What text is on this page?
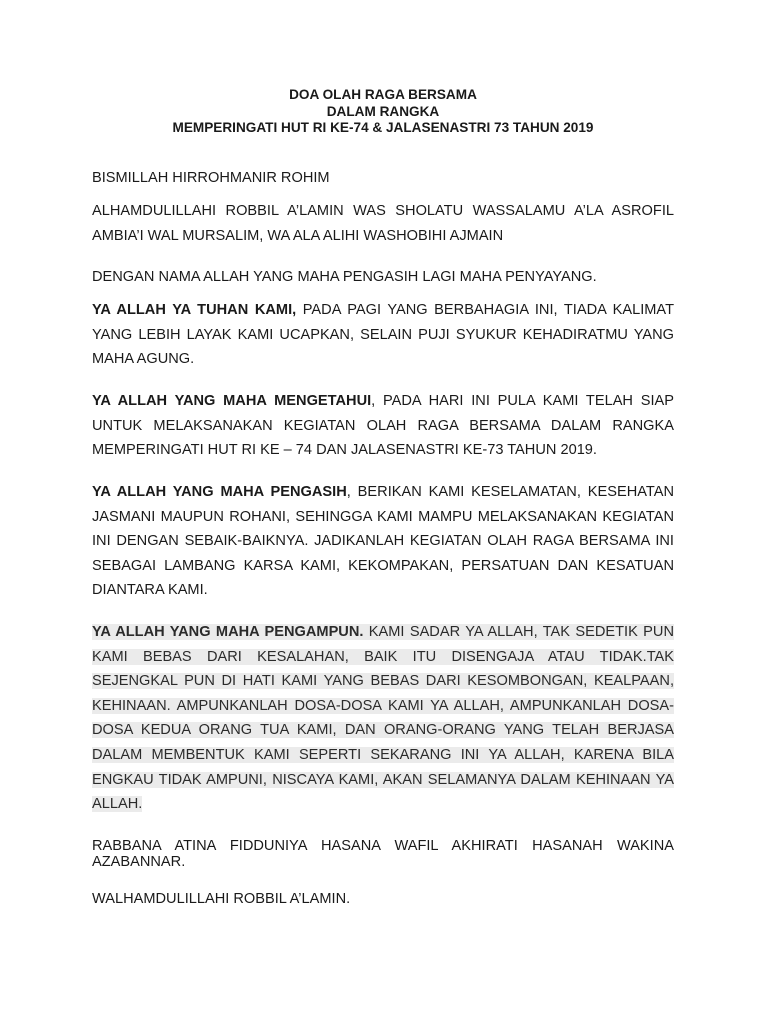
DOA OLAH RAGA BERSAMA
DALAM RANGKA
MEMPERINGATI HUT RI KE-74 & JALASENASTRI 73 TAHUN 2019

BISMILLAH HIRROHMANIR ROHIM

ALHAMDULILLAHI ROBBIL A’LAMIN WAS SHOLATU WASSALAMU A’LA ASROFIL AMBIA’I WAL MURSALIM, WA ALA ALIHI WASHOBIHI AJMAIN

DENGAN NAMA ALLAH YANG MAHA PENGASIH LAGI MAHA PENYAYANG.

YA ALLAH YA TUHAN KAMI, PADA PAGI YANG BERBAHAGIA INI, TIADA KALIMAT YANG LEBIH LAYAK KAMI UCAPKAN, SELAIN PUJI SYUKUR KEHADIRATMU YANG MAHA AGUNG.

YA ALLAH YANG MAHA MENGETAHUI, PADA HARI INI PULA KAMI TELAH SIAP UNTUK MELAKSANAKAN KEGIATAN OLAH RAGA BERSAMA DALAM RANGKA MEMPERINGATI HUT RI KE – 74 DAN JALASENASTRI KE-73 TAHUN 2019.

YA ALLAH YANG MAHA PENGASIH, BERIKAN KAMI KESELAMATAN, KESEHATAN JASMANI MAUPUN ROHANI, SEHINGGA KAMI MAMPU MELAKSANAKAN KEGIATAN INI DENGAN SEBAIK-BAIKNYA. JADIKANLAH KEGIATAN OLAH RAGA BERSAMA INI SEBAGAI LAMBANG KARSA KAMI, KEKOMPAKAN, PERSATUAN DAN KESATUAN DIANTARA KAMI.

YA ALLAH YANG MAHA PENGAMPUN. KAMI SADAR YA ALLAH, TAK SEDETIK PUN KAMI BEBAS DARI KESALAHAN, BAIK ITU DISENGAJA ATAU TIDAK.TAK SEJENGKAL PUN DI HATI KAMI YANG BEBAS DARI KESOMBONGAN, KEALPAAN, KEHINAAN. AMPUNKANLAH DOSA-DOSA KAMI YA ALLAH, AMPUNKANLAH DOSA-DOSA KEDUA ORANG TUA KAMI, DAN ORANG-ORANG YANG TELAH BERJASA DALAM MEMBENTUK KAMI SEPERTI SEKARANG INI YA ALLAH, KARENA BILA ENGKAU TIDAK AMPUNI, NISCAYA KAMI, AKAN SELAMANYA DALAM KEHINAAN YA ALLAH.

RABBANA ATINA FIDDUNIYA HASANA WAFIL AKHIRATI HASANAH WAKINA AZABANNAR.

WALHAMDULILLAHI ROBBIL A’LAMIN.
